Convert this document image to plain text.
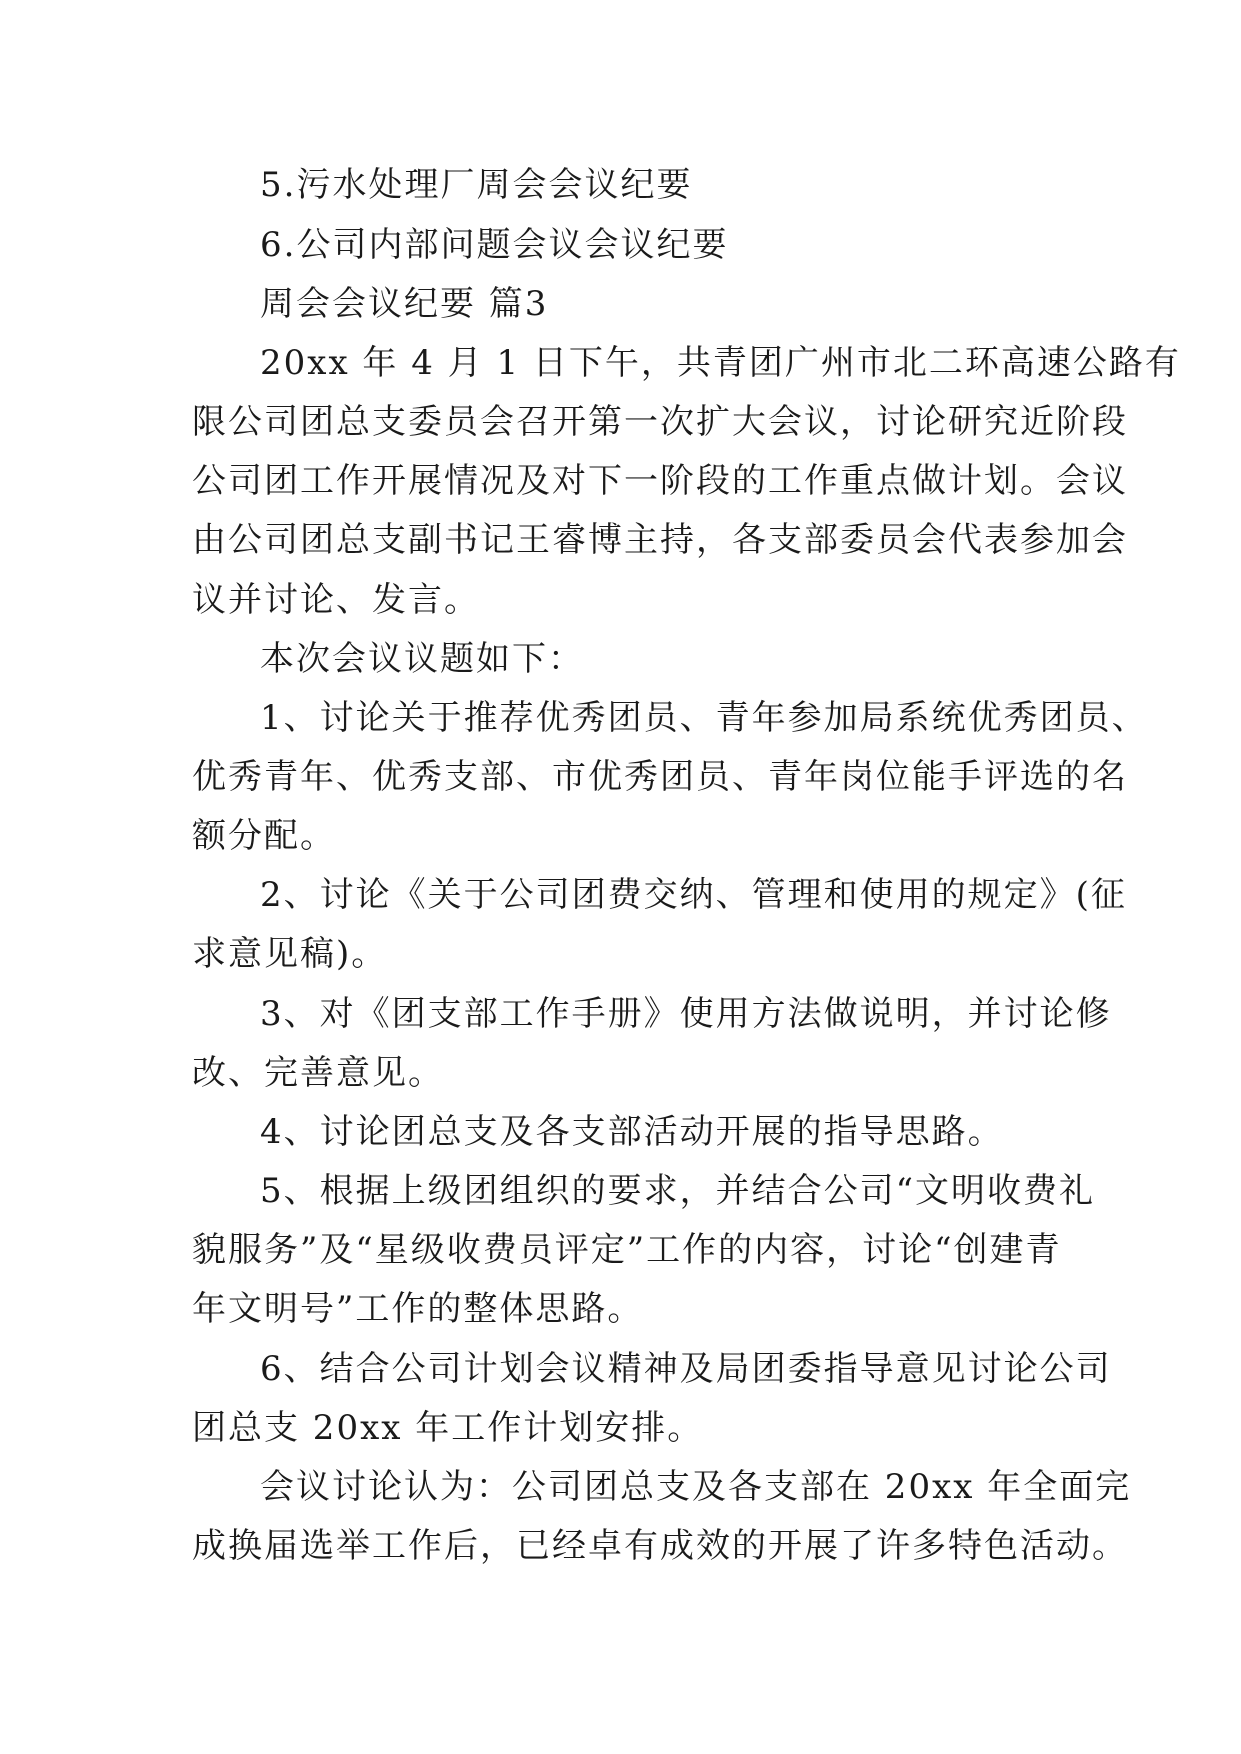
5.污水处理厂周会会议纪要
6.公司内部问题会议会议纪要
周会会议纪要 篇3
20xx 年 4 月 1 日下午，共青团广州市北二环高速公路有
限公司团总支委员会召开第一次扩大会议，讨论研究近阶段
公司团工作开展情况及对下一阶段的工作重点做计划。会议
由公司团总支副书记王睿博主持，各支部委员会代表参加会
议并讨论、发言。
本次会议议题如下：
1、讨论关于推荐优秀团员、青年参加局系统优秀团员、
优秀青年、优秀支部、市优秀团员、青年岗位能手评选的名
额分配。
2、讨论《关于公司团费交纳、管理和使用的规定》(征
求意见稿)。
3、对《团支部工作手册》使用方法做说明，并讨论修
改、完善意见。
4、讨论团总支及各支部活动开展的指导思路。
5、根据上级团组织的要求，并结合公司“文明收费礼
貌服务”及“星级收费员评定”工作的内容，讨论“创建青
年文明号”工作的整体思路。
6、结合公司计划会议精神及局团委指导意见讨论公司
团总支 20xx 年工作计划安排。
会议讨论认为：公司团总支及各支部在 20xx 年全面完
成换届选举工作后，已经卓有成效的开展了许多特色活动。
